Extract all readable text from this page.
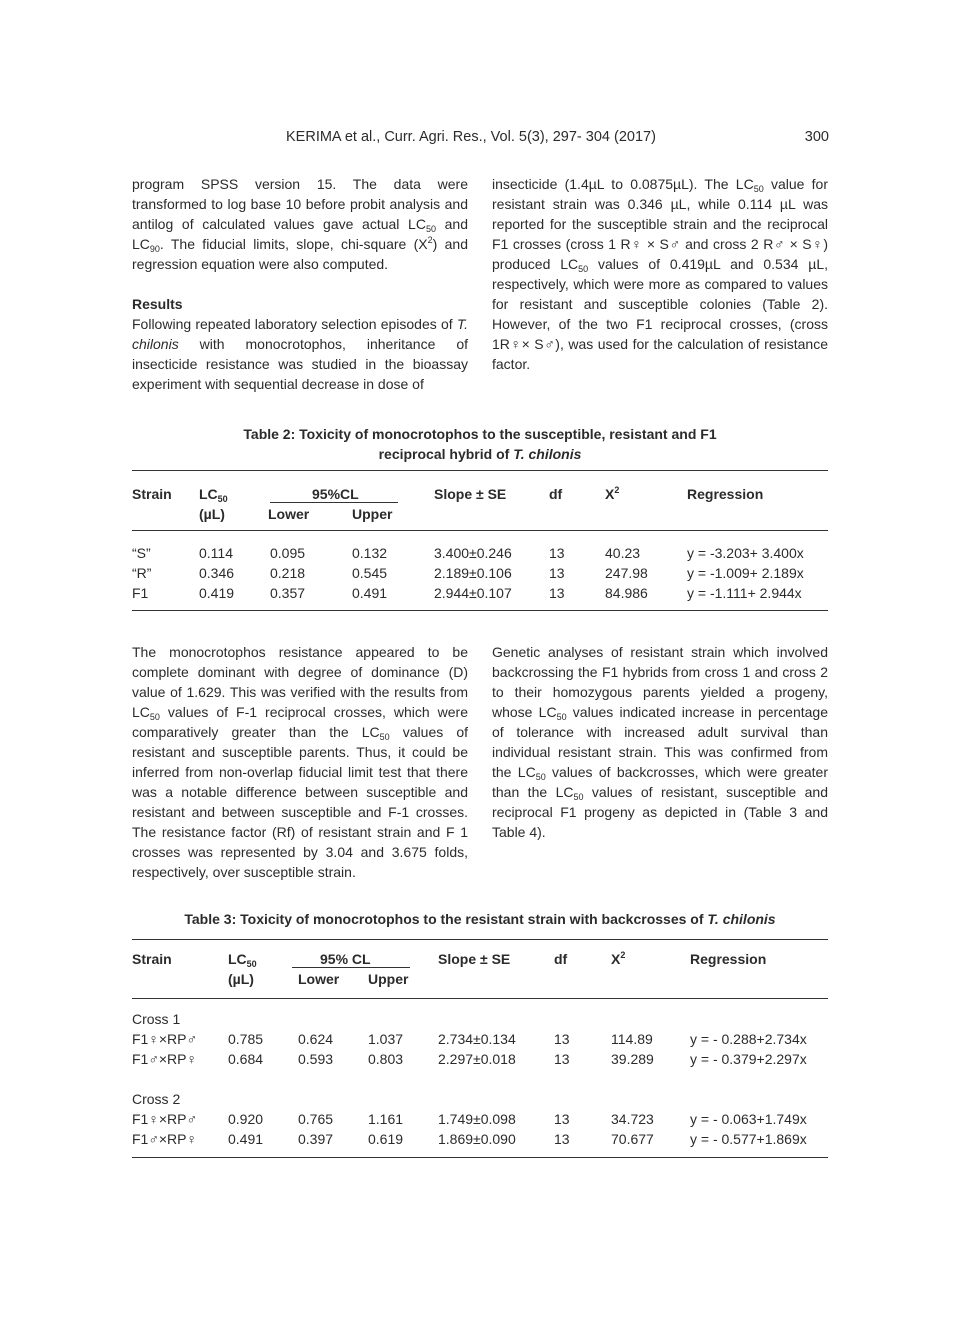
KERIMA et al., Curr. Agri. Res., Vol. 5(3), 297- 304 (2017)	300

program SPSS version 15. The data were transformed to log base 10 before probit analysis and antilog of calculated values gave actual $LC_{50}$ and $LC_{90}$. The fiducial limits, slope, chi-square $(X^2)$ and regression equation were also computed.

Results

Following repeated laboratory selection episodes of T. chilonis with monocrotophos, inheritance of insecticide resistance was studied in the bioassay experiment with sequential decrease in dose of

insecticide (1.4µL to 0.0875µL). The $LC_{50}$ value for resistant strain was 0.346 µL, while 0.114 µL was reported for the susceptible strain and the reciprocal F1 crosses (cross 1 R♀ × S♂ and cross 2 R♂ × S♀) produced $LC_{50}$ values of 0.419µL and 0.534 µL, respectively, which were more as compared to values for resistant and susceptible colonies (Table 2). However, of the two F1 reciprocal crosses, (cross 1R♀× S♂), was used for the calculation of resistance factor.

Table 2: Toxicity of monocrotophos to the susceptible, resistant and F1
reciprocal hybrid of T. chilonis
Strain $LC_{50}$
(µL)
95%CL
Lower	Upper
Slope ± SE	df	$X^2$	Regression
“S”	0.114	0.095	0.132	3.400±0.246	13	40.23	y = -3.203+ 3.400x
“R”	0.346	0.218	0.545	2.189±0.106	13	247.98	y = -1.009+ 2.189x
F1	0.419	0.357	0.491	2.944±0.107	13	84.986	y = -1.111+ 2.944x

The monocrotophos resistance appeared to be complete dominant with degree of dominance (D) value of 1.629. This was verified with the results from $LC_{50}$ values of F-1 reciprocal crosses, which were comparatively greater than the $LC_{50}$ values of resistant and susceptible parents. Thus, it could be inferred from non-overlap fiducial limit test that there was a notable difference between susceptible and resistant and between susceptible and F-1 crosses. The resistance factor (Rf) of resistant strain and F 1 crosses was represented by 3.04 and 3.675 folds, respectively, over susceptible strain.

Genetic analyses of resistant strain which involved backcrossing the F1 hybrids from cross 1 and cross 2 to their homozygous parents yielded a progeny, whose $LC_{50}$ values indicated increase in percentage of tolerance with increased adult survival than individual resistant strain. This was confirmed from the $LC_{50}$ values of backcrosses, which were greater than the $LC_{50}$ values of resistant, susceptible and reciprocal F1 progeny as depicted in (Table 3 and Table 4).

Table 3: Toxicity of monocrotophos to the resistant strain with backcrosses of T. chilonis
Strain	$LC_{50}$
(µL)
95% CL
Lower Upper
Slope ± SE	df	$X^2$	Regression
Cross 1
F1♀×RP♂ 0.785 0.624 1.037 2.734±0.134	13	114.89	y = - 0.288+2.734x
F1♂×RP♀ 0.684 0.593 0.803 2.297±0.018	13	39.289	y = - 0.379+2.297x
Cross 2
F1♀×RP♂ 0.920 0.765 1.161 1.749±0.098	13	34.723	y = - 0.063+1.749x
F1♂×RP♀ 0.491 0.397 0.619 1.869±0.090	13	70.677	y = - 0.577+1.869x
